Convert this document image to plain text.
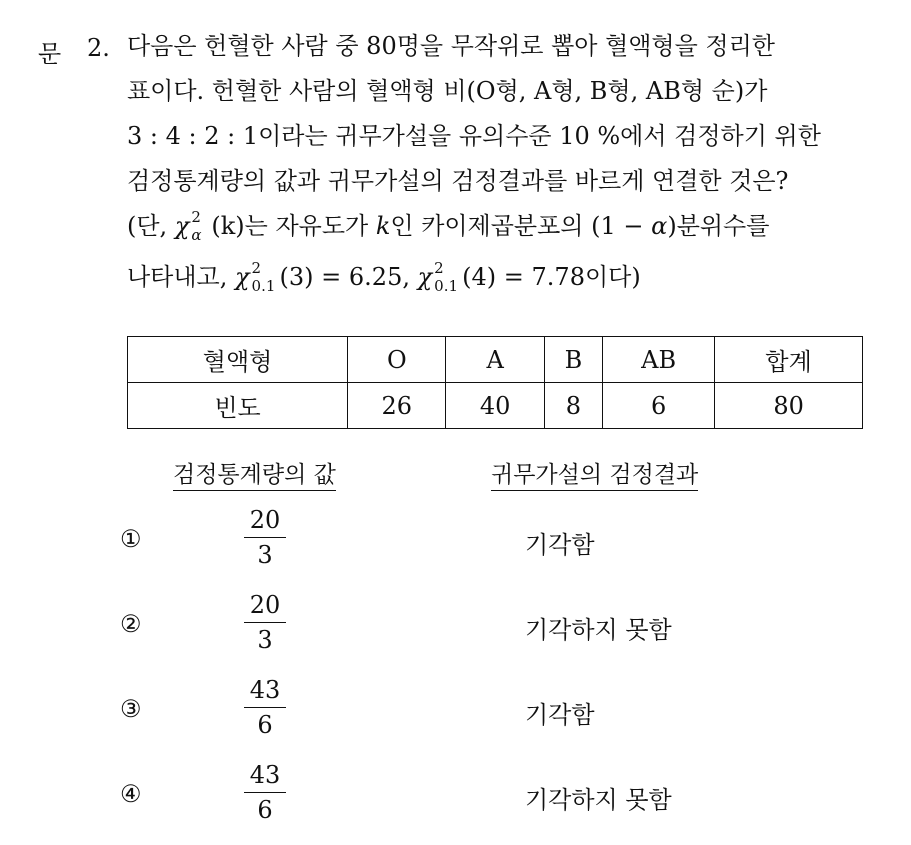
문 2. 다음은 헌혈한 사람 중 80명을 무작위로 뽑아 혈액형을 정리한
표이다. 헌혈한 사람의 혈액형 비(O형, A형, B형, AB형 순)가
3 : 4 : 2 : 1이라는 귀무가설을 유의수준 10 %에서 검정하기 위한
검정통계량의 값과 귀무가설의 검정결과를 바르게 연결한 것은?
(단, χ 2
α (k)는 자유도가 k인 카이제곱분포의 (1 − α)분위수를
나타내고, χ 2
0.1 (3) = 6.25, χ 2
0.1 (4) = 7.78이다)
혈액형	O	A	B	AB	합계
빈도	26	40	8	6	80
검정통계량의 값	귀무가설의 검정결과
①
20
3	기각함
②
20
3	기각하지 못함
③
43
6	기각함
④
43
6	기각하지 못함
